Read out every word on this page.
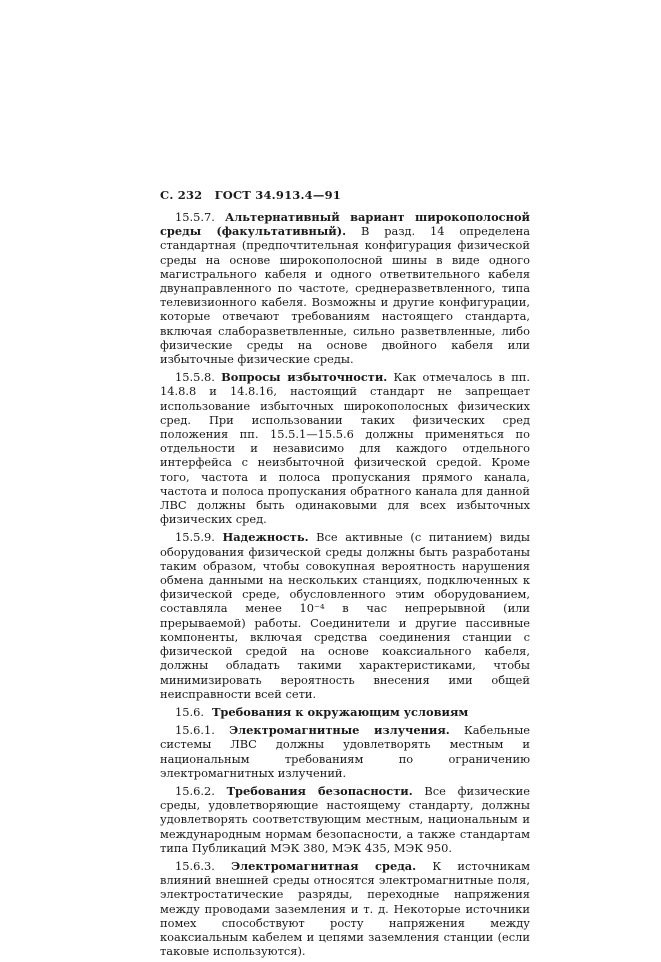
С. 232 ГОСТ 34.913.4—91

15.5.7. Альтернативный вариант широкополосной среды (факультативный). В разд. 14 определена стандартная (предпочтительная конфигурация физической среды на основе широкополосной шины в виде одного магистрального кабеля и одного ответвительного кабеля двунаправленного по частоте, среднеразветвленного, типа телевизионного кабеля. Возможны и другие конфигурации, которые отвечают требованиям настоящего стандарта, включая слаборазветвленные, сильно разветвленные, либо физические среды на основе двойного кабеля или избыточные физические среды.

15.5.8. Вопросы избыточности. Как отмечалось в пп. 14.8.8 и 14.8.16, настоящий стандарт не запрещает использование избыточных широкополосных физических сред. При использовании таких физических сред положения пп. 15.5.1—15.5.6 должны применяться по отдельности и независимо для каждого отдельного интерфейса с неизбыточной физической средой. Кроме того, частота и полоса пропускания прямого канала, частота и полоса пропускания обратного канала для данной ЛВС должны быть одинаковыми для всех избыточных физических сред.

15.5.9. Надежность. Все активные (с питанием) виды оборудования физической среды должны быть разработаны таким образом, чтобы совокупная вероятность нарушения обмена данными на нескольких станциях, подключенных к физической среде, обусловленного этим оборудованием, составляла менее 10⁻⁴ в час непрерывной (или прерываемой) работы. Соединители и другие пассивные компоненты, включая средства соединения станции с физической средой на основе коаксиального кабеля, должны обладать такими характеристиками, чтобы минимизировать вероятность внесения ими общей неисправности всей сети.

15.6. Требования к окружающим условиям

15.6.1. Электромагнитные излучения. Кабельные системы ЛВС должны удовлетворять местным и национальным требованиям по ограничению электромагнитных излучений.

15.6.2. Требования безопасности. Все физические среды, удовлетворяющие настоящему стандарту, должны удовлетворять соответствующим местным, национальным и международным нормам безопасности, а также стандартам типа Публикаций МЭК 380, МЭК 435, МЭК 950.

15.6.3. Электромагнитная среда. К источникам влияний внешней среды относятся электромагнитные поля, электростатические разряды, переходные напряжения между проводами заземления и т. д. Некоторые источники помех способствуют росту напряжения между коаксиальным кабелем и цепями заземления станции (если таковые используются).
